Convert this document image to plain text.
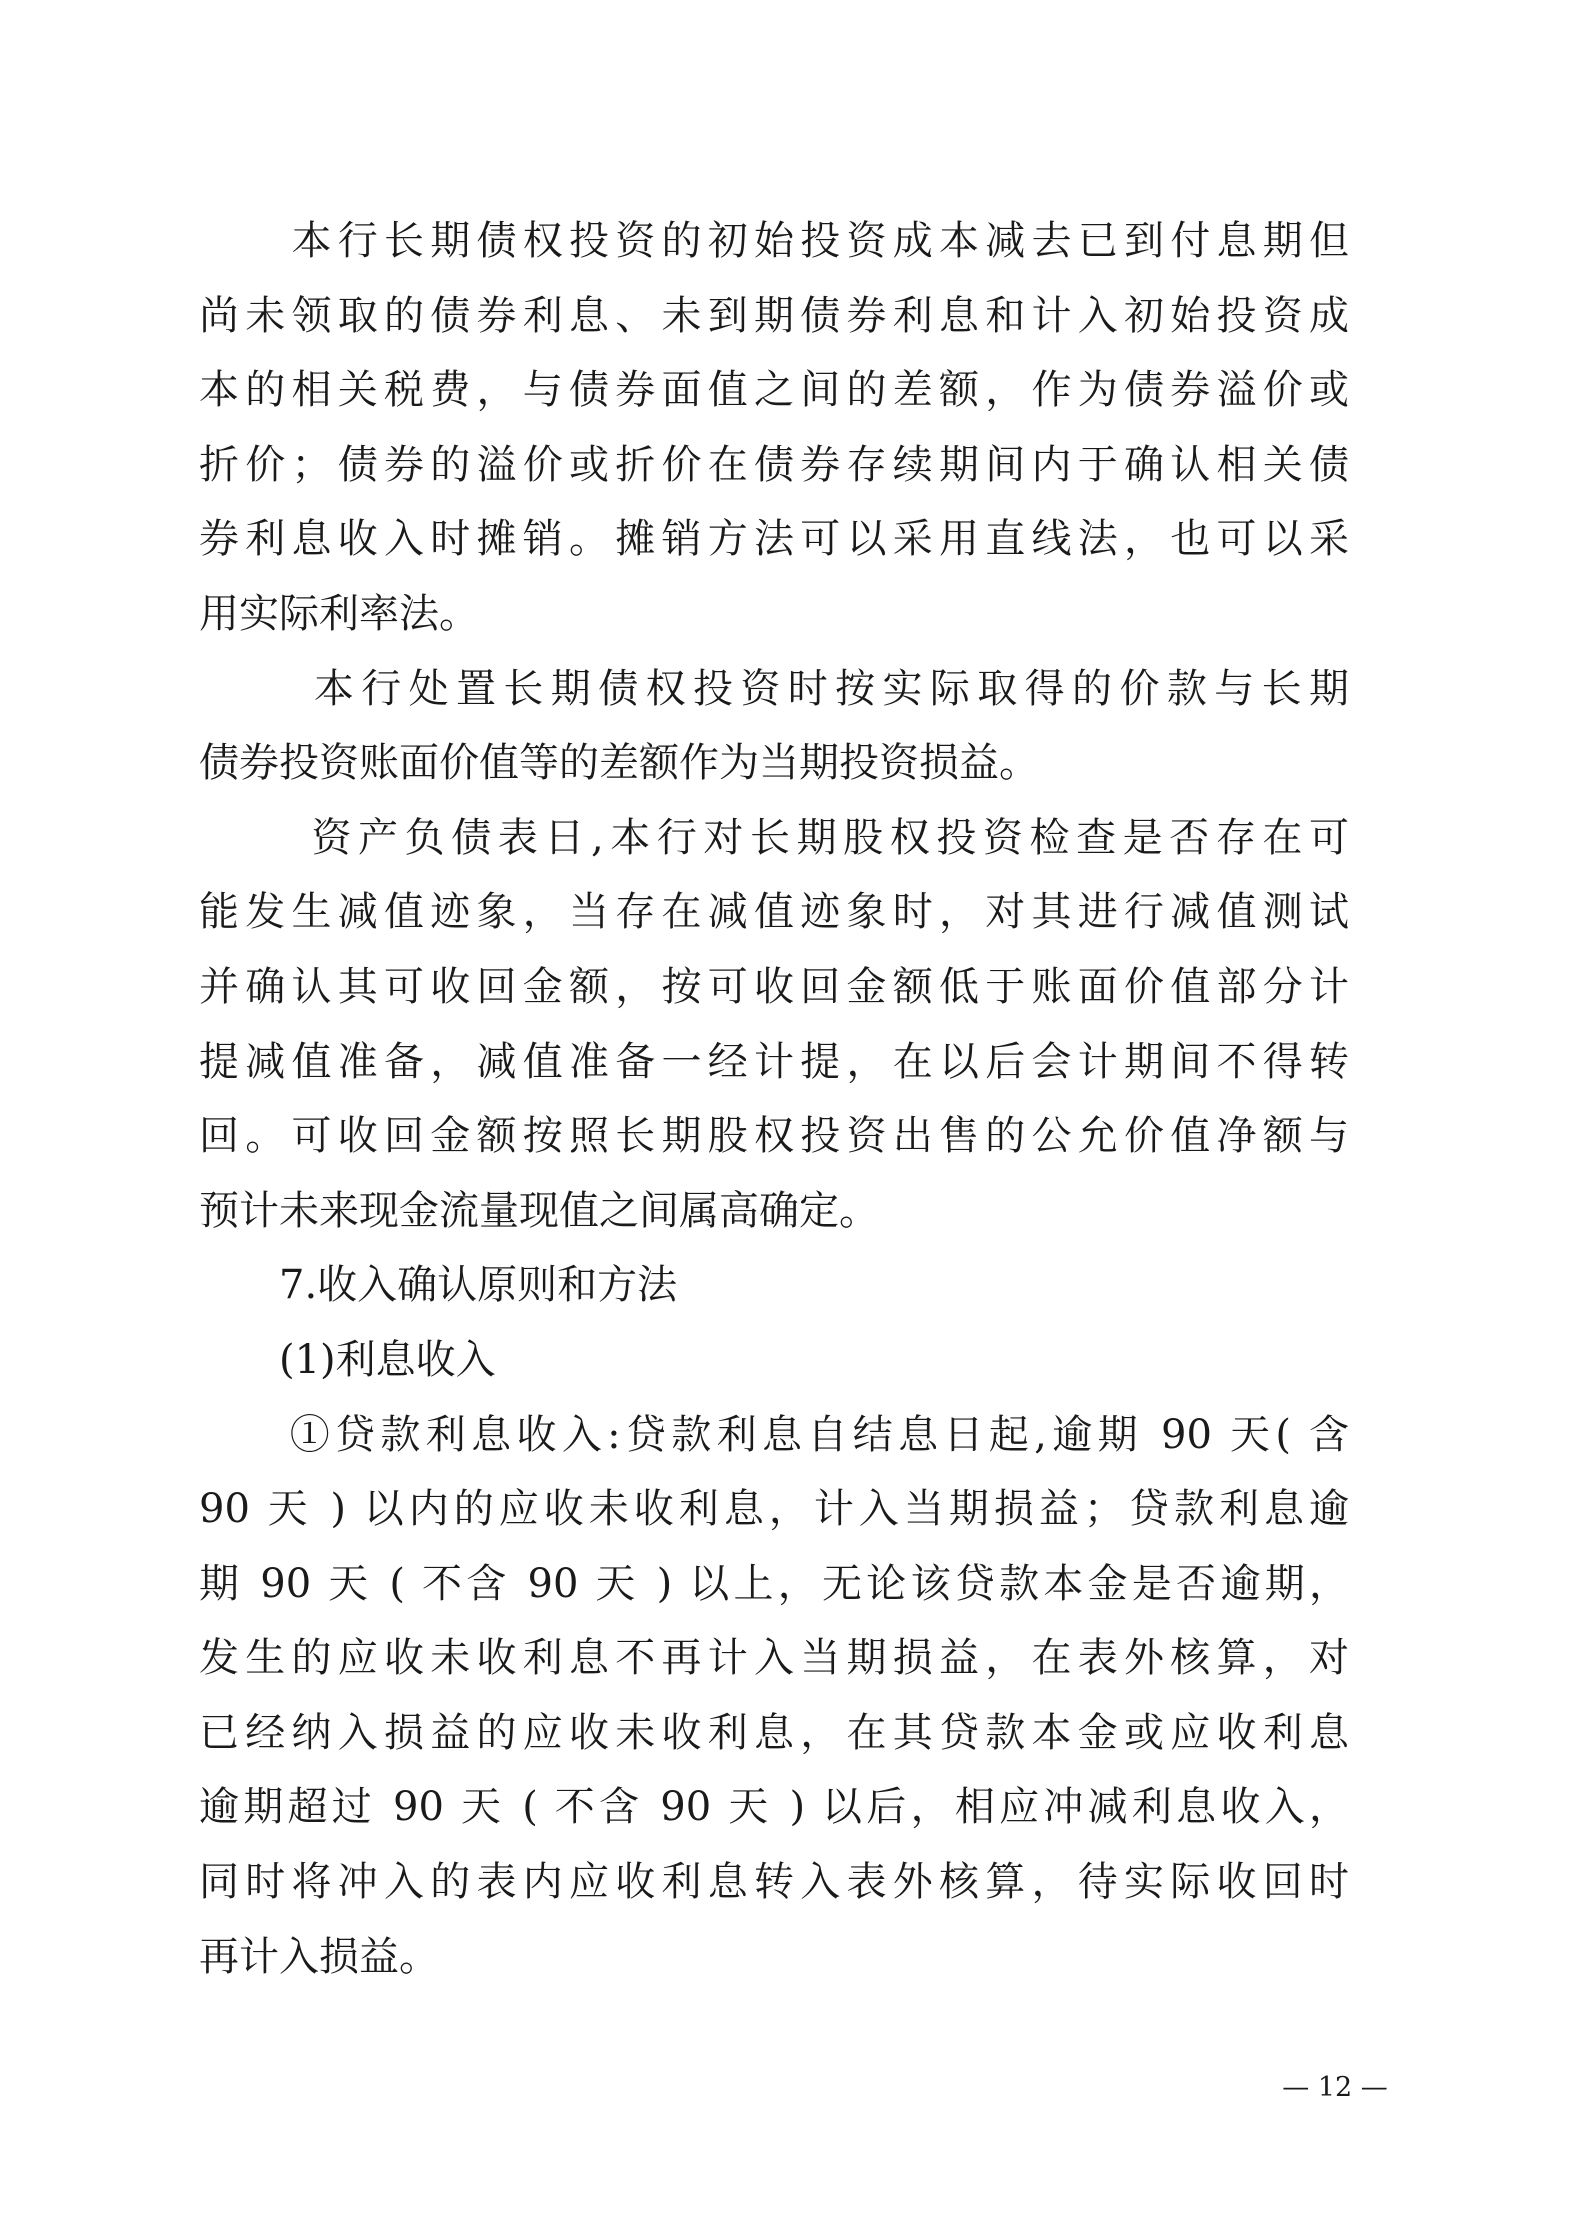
　　本行长期债权投资的初始投资成本减去已到付息期但
尚未领取的债券利息、未到期债券利息和计入初始投资成
本的相关税费，与债券面值之间的差额，作为债券溢价或
折价；债券的溢价或折价在债券存续期间内于确认相关债
券利息收入时摊销。摊销方法可以采用直线法，也可以采
用实际利率法。
　　 本行处置长期债权投资时按实际取得的价款与长期
债券投资账面价值等的差额作为当期投资损益。
　　 资产负债表日,本行对长期股权投资检查是否存在可
能发生减值迹象，当存在减值迹象时，对其进行减值测试
并确认其可收回金额，按可收回金额低于账面价值部分计
提减值准备，减值准备一经计提，在以后会计期间不得转
回。可收回金额按照长期股权投资出售的公允价值净额与
预计未来现金流量现值之间属高确定。
　　7.收入确认原则和方法
　　(1)利息收入
　　①贷款利息收入:贷款利息自结息日起,逾期 90 天( 含
90 天 ) 以内的应收未收利息，计入当期损益；贷款利息逾
期 90 天 ( 不含 90 天 ) 以上，无论该贷款本金是否逾期，
发生的应收未收利息不再计入当期损益，在表外核算，对
已经纳入损益的应收未收利息，在其贷款本金或应收利息
逾期超过 90 天 ( 不含 90 天 ) 以后，相应冲减利息收入，
同时将冲入的表内应收利息转入表外核算，待实际收回时
再计入损益。
— 12 —
